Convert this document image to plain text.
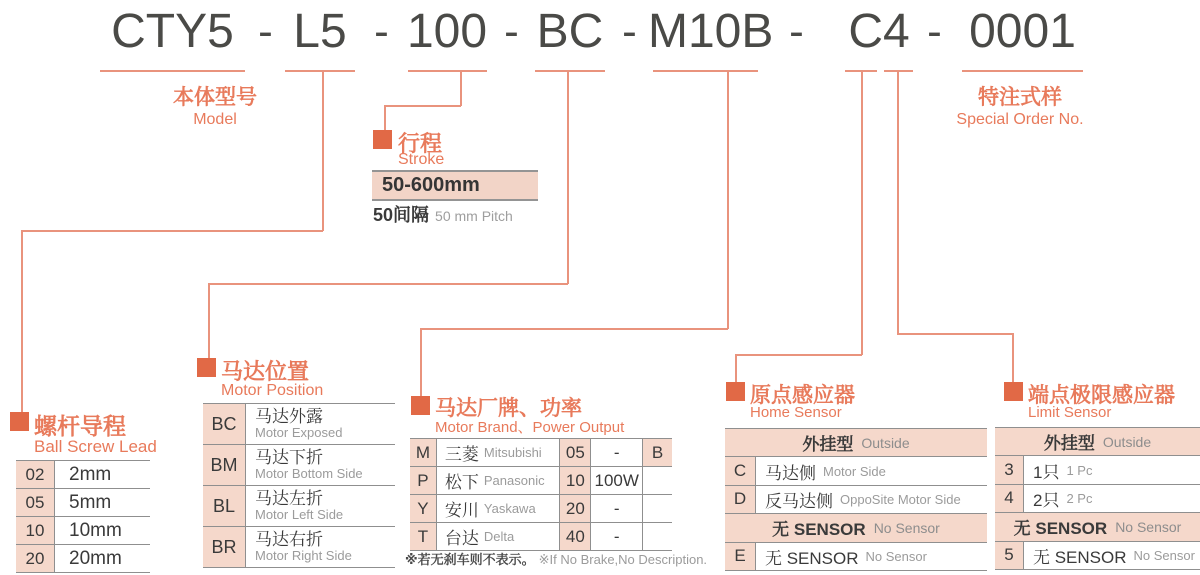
CTY5 - L5 - 100 - BC - M10B - C4 - 0001
本体型号
Model
特注式样
Special Order No.
行程
Stroke
50-600mm
50间隔 50 mm Pitch
螺杆导程
Ball Screw Lead
02	2mm
05	5mm
10	10mm
20	20mm
马达位置
Motor Position
BC	马达外露
Motor Exposed
BM	马达下折
Motor Bottom Side
BL	马达左折
Motor Left Side
BR	马达右折
Motor Right Side
马达厂牌、功率
Motor Brand、Power Output
M 三菱 Mitsubishi	05	-	B
P 松下 Panasonic	10 100W
Y 安川 Yaskawa	20	-
T 台达 Delta	40	-
※若无刹车则不表示。 ※If No Brake,No Description.
原点感应器
Home Sensor
外挂型 Outside
C	马达侧 Motor Side
D	反马达侧 OppoSite Motor Side
无 SENSOR No Sensor
E	无 SENSOR No Sensor
端点极限感应器
Limit Sensor
外挂型 Outside
3	1只 1 Pc
4	2只 2 Pc
无 SENSOR No Sensor
5	无 SENSOR No Sensor
